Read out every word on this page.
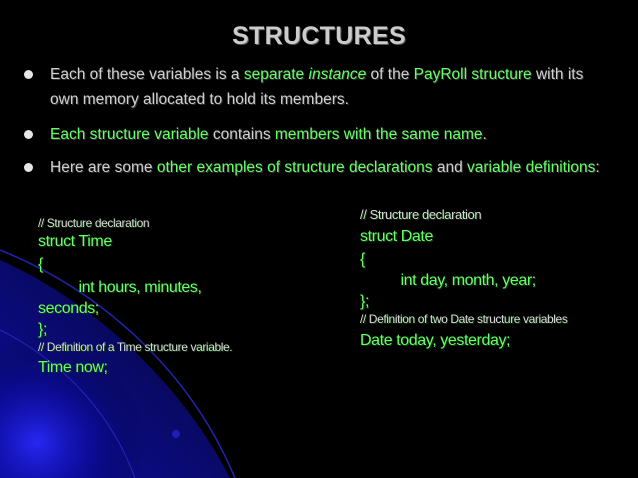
STRUCTURES
Each of these variables is a separate instance of the PayRoll structure with its
own memory allocated to hold its members.
Each structure variable contains members with the same name.
Here are some other examples of structure declarations and variable definitions:
// Structure declaration
struct Time
{
int hours, minutes,
seconds;
};
// Definition of a Time structure variable.
Time now;
// Structure declaration
struct Date
{
int day, month, year;
};
// Definition of two Date structure variables
Date today, yesterday;
